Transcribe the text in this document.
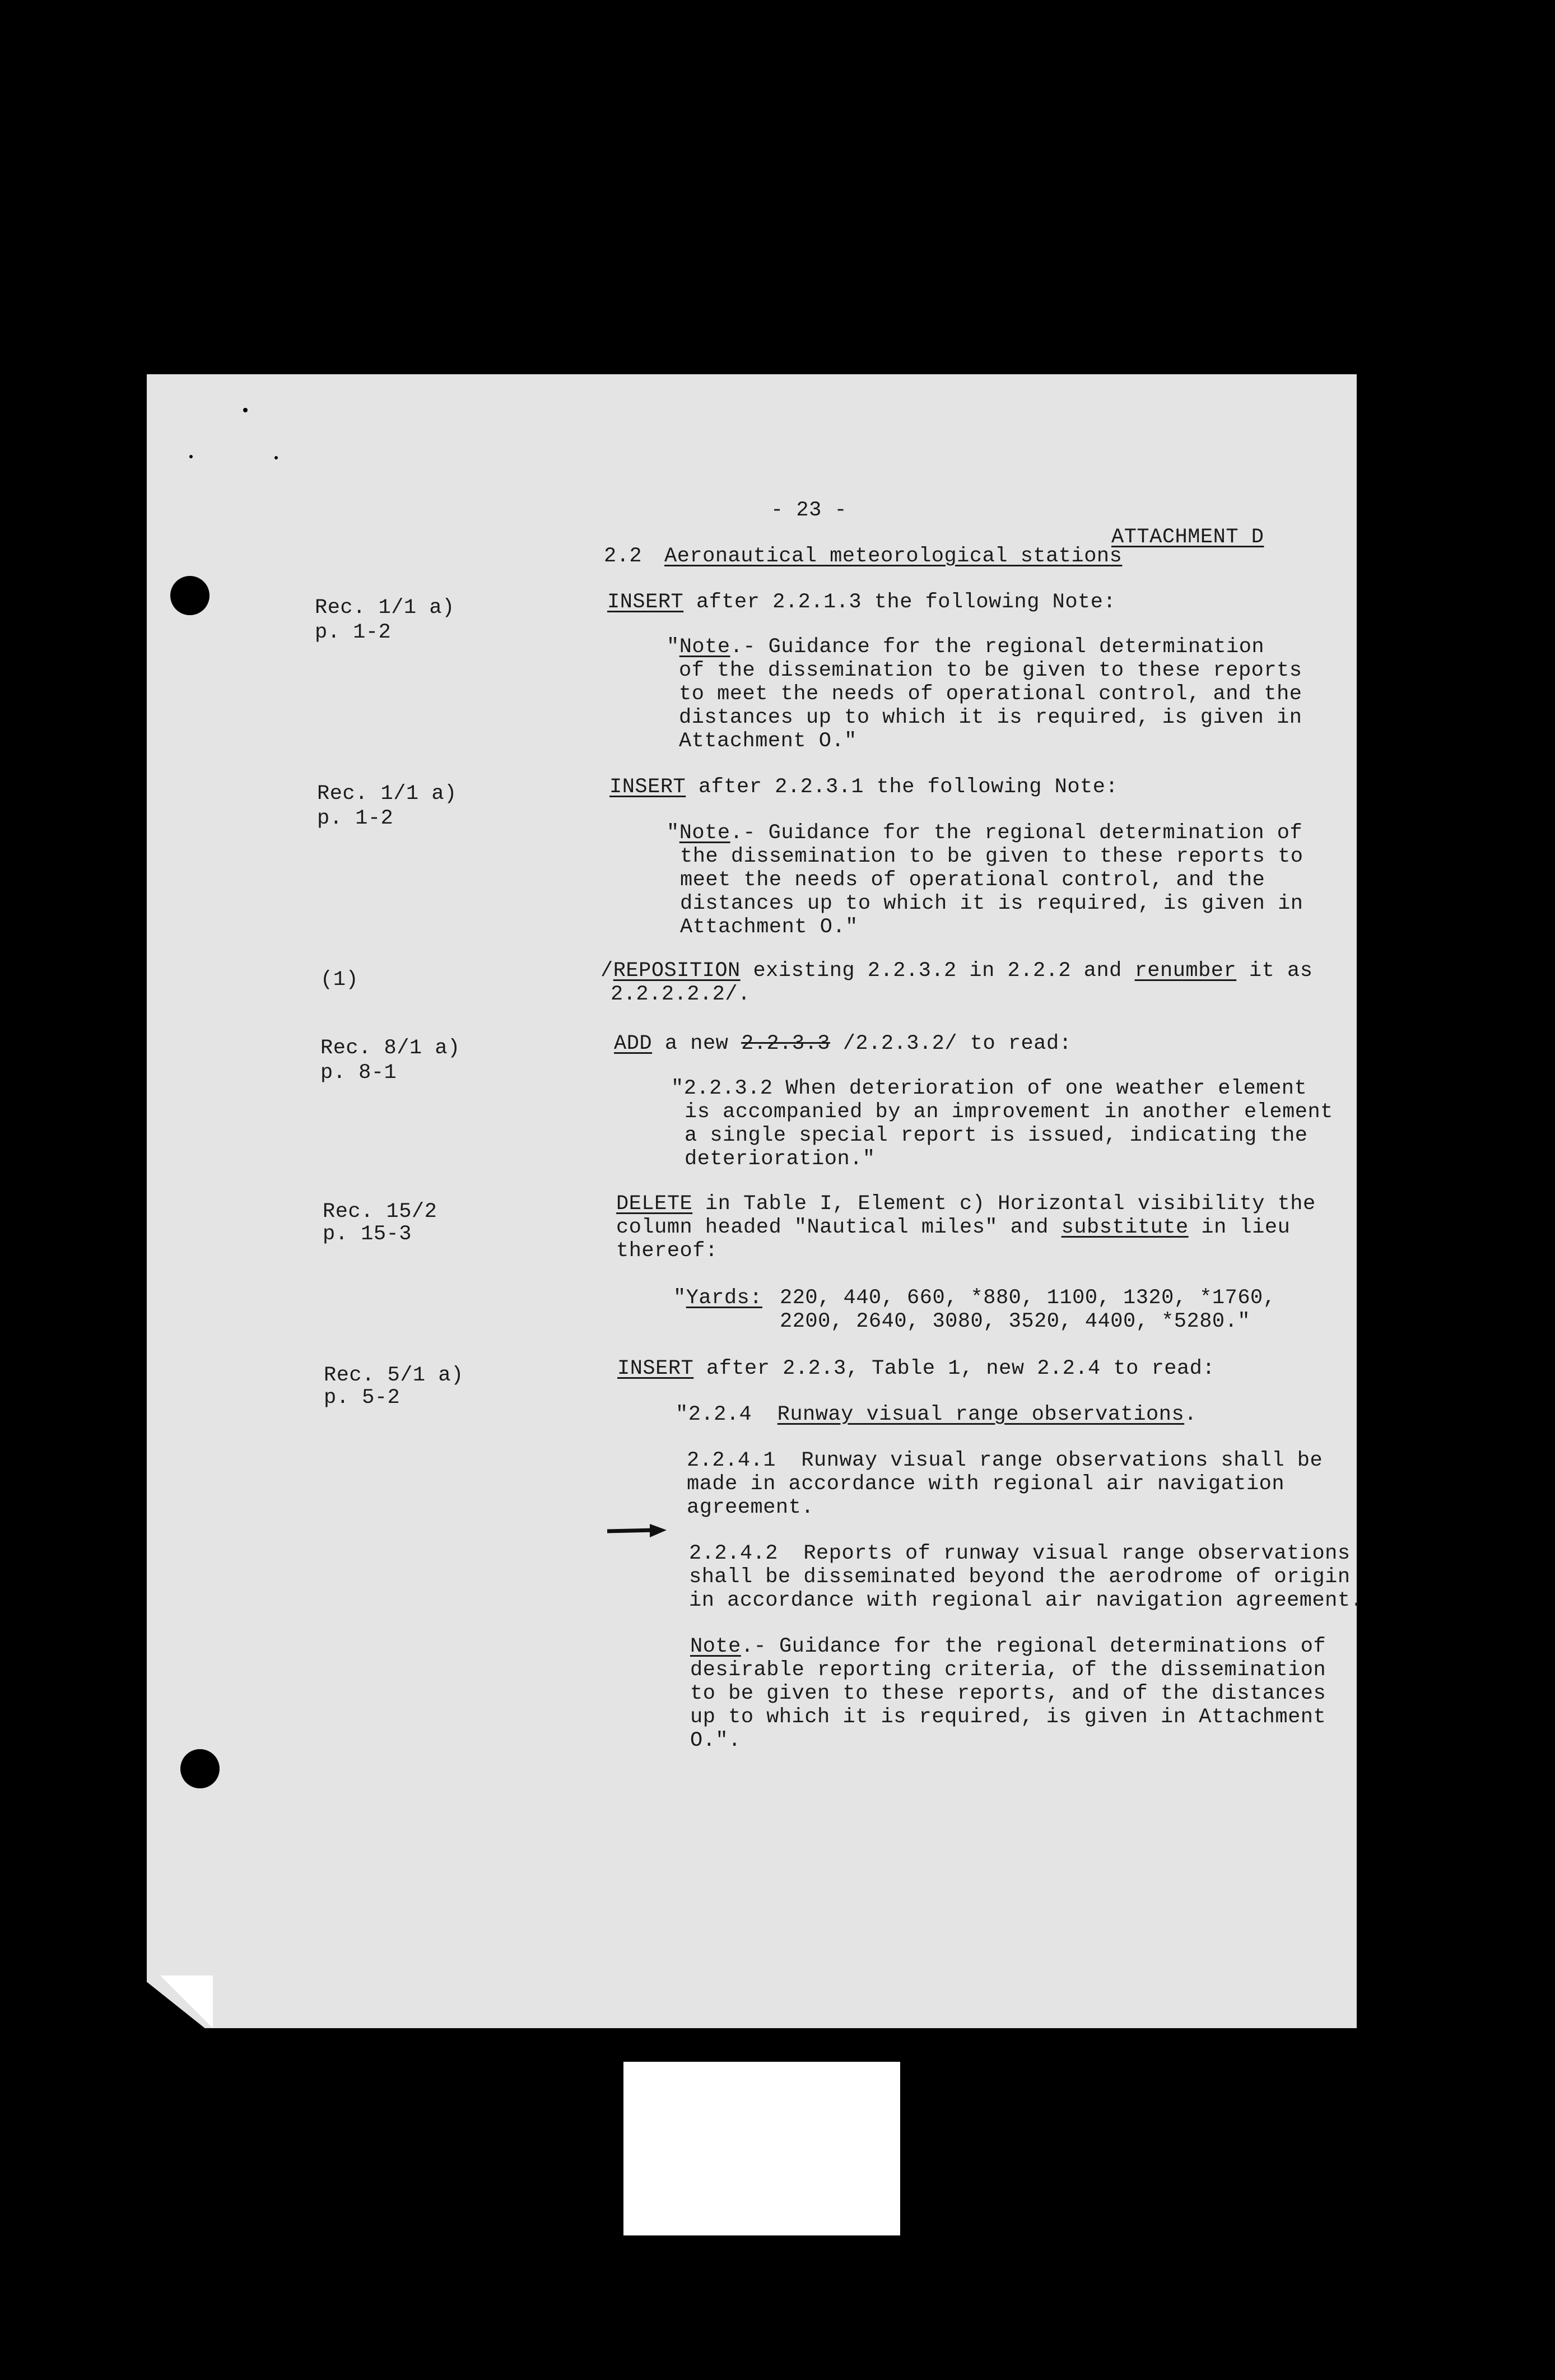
- 23 -
ATTACHMENT D
2.2 Aeronautical meteorological stations
Rec. 1/1 a)
p. 1-2
INSERT after 2.2.1.3 the following Note:
"Note.- Guidance for the regional determination
of the dissemination to be given to these reports
to meet the needs of operational control, and the
distances up to which it is required, is given in
Attachment O."
Rec. 1/1 a)
p. 1-2
INSERT after 2.2.3.1 the following Note:
"Note.- Guidance for the regional determination of
the dissemination to be given to these reports to
meet the needs of operational control, and the
distances up to which it is required, is given in
Attachment O."
(1)	/REPOSITION existing 2.2.3.2 in 2.2.2 and renumber it as
2.2.2.2.2/.
Rec. 8/1 a)
p. 8-1
ADD a new 2.2.3.3 /2.2.3.2/ to read:
"2.2.3.2 When deterioration of one weather element
is accompanied by an improvement in another element
a single special report is issued, indicating the
deterioration."
Rec. 15/2
p. 15-3
DELETE in Table I, Element c) Horizontal visibility the
column headed "Nautical miles" and substitute in lieu
thereof:
"Yards: 220, 440, 660, *880, 1100, 1320, *1760,
2200, 2640, 3080, 3520, 4400, *5280."
Rec. 5/1 a)
p. 5-2
INSERT after 2.2.3, Table 1, new 2.2.4 to read:
"2.2.4  Runway visual range observations.
2.2.4.1  Runway visual range observations shall be
made in accordance with regional air navigation
agreement.
2.2.4.2  Reports of runway visual range observations
shall be disseminated beyond the aerodrome of origin
in accordance with regional air navigation agreement.
Note.- Guidance for the regional determinations of
desirable reporting criteria, of the dissemination
to be given to these reports, and of the distances
up to which it is required, is given in Attachment
O.".
